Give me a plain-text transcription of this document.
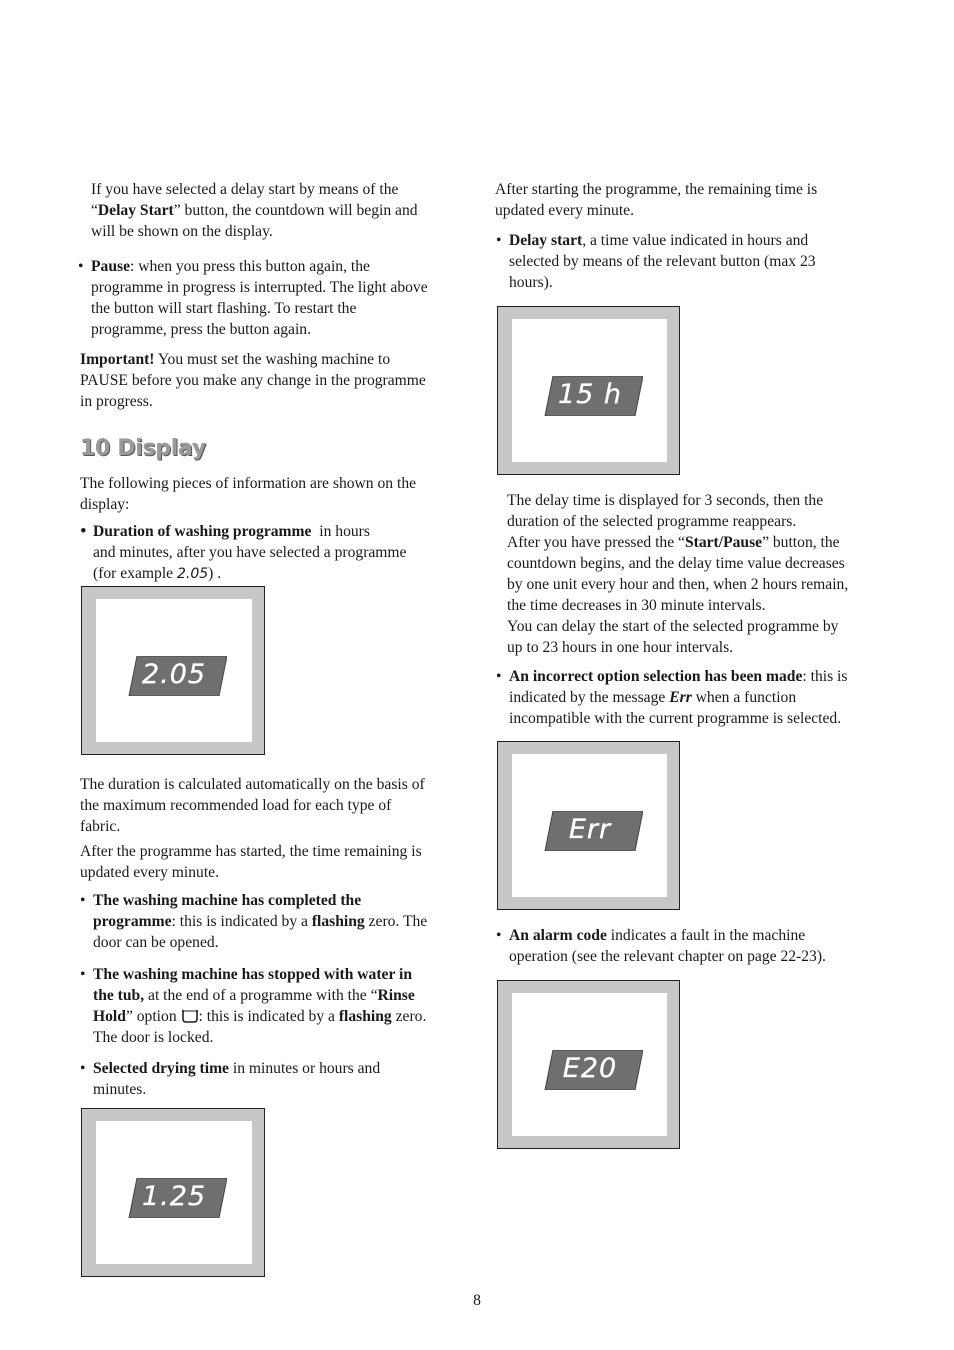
If you have selected a delay start by means of the
“Delay Start” button, the countdown will begin and
will be shown on the display.
• Pause: when you press this button again, the
programme in progress is interrupted. The light above
the button will start flashing. To restart the
programme, press the button again.
Important! You must set the washing machine to
PAUSE before you make any change in the programme
in progress.
10 Display
The following pieces of information are shown on the
display:
• Duration of washing programme  in hours
and minutes, after you have selected a programme
(for example 2.05) .
2.05
The duration is calculated automatically on the basis of
the maximum recommended load for each type of
fabric.
After the programme has started, the time remaining is
updated every minute.
• The washing machine has completed the
programme: this is indicated by a flashing zero. The
door can be opened.
• The washing machine has stopped with water in
the tub, at the end of a programme with the “Rinse
Hold” option : this is indicated by a flashing zero.
The door is locked.
• Selected drying time in minutes or hours and
minutes.
1.25
After starting the programme, the remaining time is
updated every minute.
• Delay start, a time value indicated in hours and
selected by means of the relevant button (max 23
hours).
15 h
The delay time is displayed for 3 seconds, then the
duration of the selected programme reappears.
After you have pressed the “Start/Pause” button, the
countdown begins, and the delay time value decreases
by one unit every hour and then, when 2 hours remain,
the time decreases in 30 minute intervals.
You can delay the start of the selected programme by
up to 23 hours in one hour intervals.
• An incorrect option selection has been made: this is
indicated by the message Err when a function
incompatible with the current programme is selected.
Err
• An alarm code indicates a fault in the machine
operation (see the relevant chapter on page 22-23).
E20
8
